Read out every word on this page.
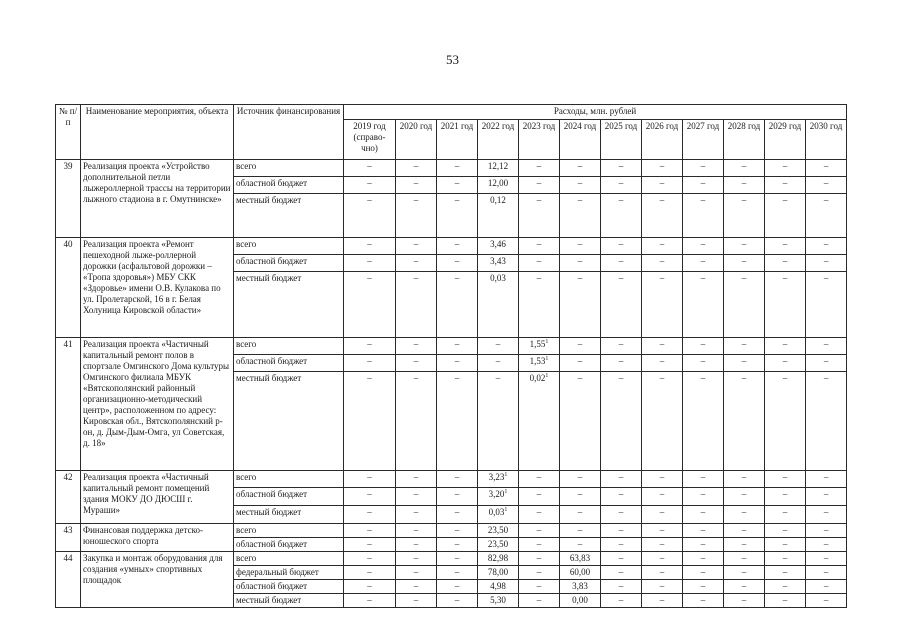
53
№ п/п	Наименование мероприятия, объекта	Источник финансирования	Расходы, млн. рублей											
			2019 год (справо-чно)	2020 год	2021 год	2022 год	2023 год	2024 год	2025 год	2026 год	2027 год	2028 год	2029 год	2030 год
39	Реализация проекта «Устройство дополнительной петли лыжероллерной трассы на территории лыжного стадиона в г. Омутнинске»	всего	–	–	–	12,12	–	–	–	–	–	–	–	–
		областной бюджет	–	–	–	12,00	–	–	–	–	–	–	–	–
		местный бюджет	–	–	–	0,12	–	–	–	–	–	–	–	–
40	Реализация проекта «Ремонт пешеходной лыже-роллерной дорожки (асфальтовой дорожки – «Тропа здоровья») МБУ СКК «Здоровье» имени О.В. Кулакова по ул. Пролетарской, 16 в г. Белая Холуница Кировской области»	всего	–	–	–	3,46	–	–	–	–	–	–	–	–
		областной бюджет	–	–	–	3,43	–	–	–	–	–	–	–	–
		местный бюджет	–	–	–	0,03	–	–	–	–	–	–	–	–
41	Реализация проекта «Частичный капитальный ремонт полов в спортзале Омгинского Дома культуры Омгинского филиала МБУК «Вятскополянский районный организационно-методический центр», расположенном по адресу: Кировская обл., Вятскополянский р-он, д. Дым-Дым-Омга, ул Советская, д. 18»	всего	–	–	–	–	1,55$^1$	–	–	–	–	–	–	–
		областной бюджет	–	–	–	–	1,53$^1$	–	–	–	–	–	–	–
		местный бюджет	–	–	–	–	0,02$^1$	–	–	–	–	–	–	–
42	Реализация проекта «Частичный капитальный ремонт помещений здания МОКУ ДО ДЮСШ г. Мураши»	всего	–	–	–	3,23$^1$	–	–	–	–	–	–	–	–
		областной бюджет	–	–	–	3,20$^1$	–	–	–	–	–	–	–	–
		местный бюджет	–	–	–	0,03$^1$	–	–	–	–	–	–	–	–
43	Финансовая поддержка детско-юношеского спорта	всего	–	–	–	23,50	–	–	–	–	–	–	–	–
		областной бюджет	–	–	–	23,50	–	–	–	–	–	–	–	–
44	Закупка и монтаж оборудования для создания «умных» спортивных площадок	всего	–	–	–	82,98	–	63,83	–	–	–	–	–	–
		федеральный бюджет	–	–	–	78,00	–	60,00	–	–	–	–	–	–
		областной бюджет	–	–	–	4,98	–	3,83	–	–	–	–	–	–
		местный бюджет	–	–	–	5,30	–	0,00	–	–	–	–	–	–
